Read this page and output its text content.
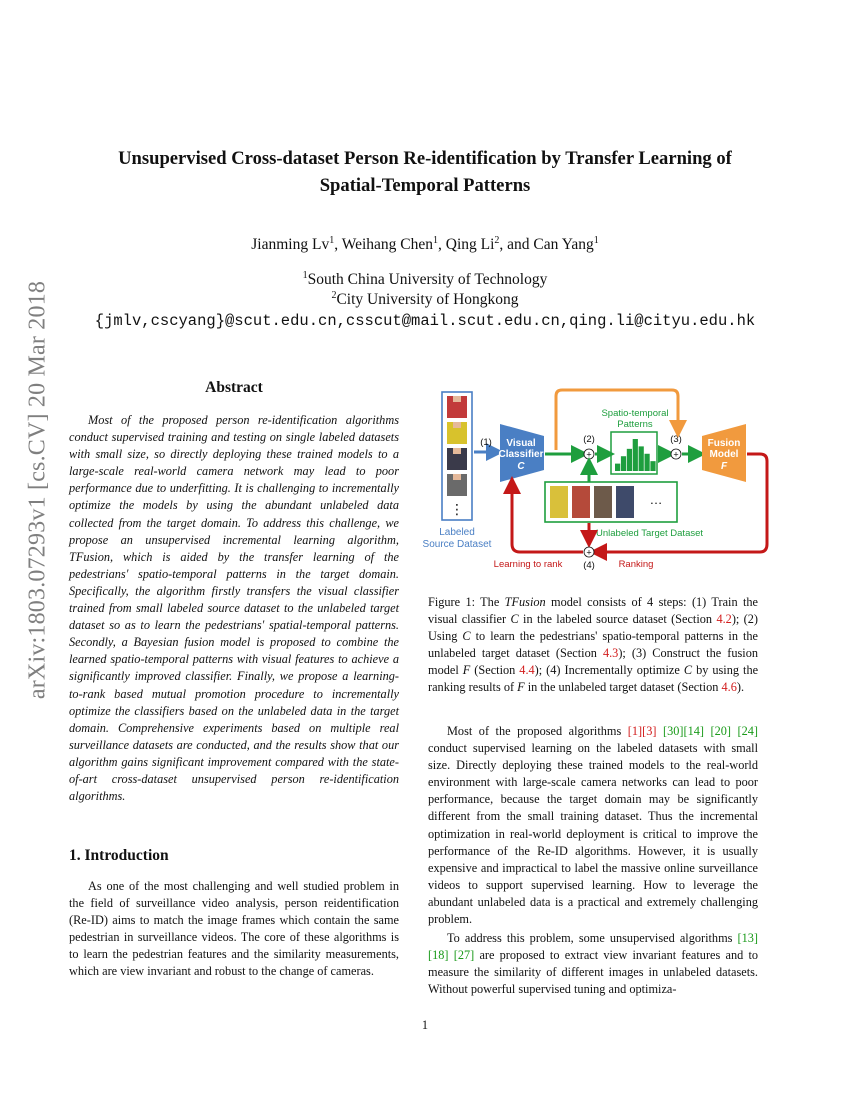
arXiv:1803.07293v1 [cs.CV] 20 Mar 2018
Unsupervised Cross-dataset Person Re-identification by Transfer Learning of
Spatial-Temporal Patterns
Jianming Lv$^1$, Weihang Chen$^1$, Qing Li$^2$, and Can Yang$^1$
$^1$South China University of Technology
$^2$City University of Hongkong
{jmlv,cscyang}@scut.edu.cn,csscut@mail.scut.edu.cn,qing.li@cityu.edu.hk
Abstract

Most of the proposed person re-identification algorithms conduct supervised training and testing on single labeled datasets with small size, so directly deploying these trained models to a large-scale real-world camera network may lead to poor performance due to underfitting. It is challenging to incrementally optimize the models by using the abundant unlabeled data collected from the target domain. To address this challenge, we propose an unsupervised incremental learning algorithm, TFusion, which is aided by the transfer learning of the pedestrians' spatio-temporal patterns in the target domain. Specifically, the algorithm firstly transfers the visual classifier trained from small labeled source dataset to the unlabeled target dataset so as to learn the pedestrians' spatial-temporal patterns. Secondly, a Bayesian fusion model is proposed to combine the learned spatio-temporal patterns with visual features to achieve a significantly improved classifier. Finally, we propose a learning-to-rank based mutual promotion procedure to incrementally optimize the classifiers based on the unlabeled data in the target domain. Comprehensive experiments based on multiple real surveillance datasets are conducted, and the results show that our algorithm gains significant improvement compared with the state-of-art cross-dataset unsupervised person re-identification algorithms.

1. Introduction

As one of the most challenging and well studied problem in the field of surveillance video analysis, person reidentification (Re-ID) aims to match the image frames which contain the same pedestrian in surveillance videos. The core of these algorithms is to learn the pedestrian features and the similarity measurements, which are view invariant and robust to the change of cameras.

⋮
Labeled
Source Dataset
(1) Visual
Classifier
C
+
(2)
Spatio-temporal
Patterns
+
(3)	Fusion
Model
F
…
Unlabeled Target Dataset
+
(4)
Learning to rank	Ranking
Figure 1: The TFusion model consists of 4 steps: (1) Train the visual classifier C in the labeled source dataset (Section 4.2); (2) Using C to learn the pedestrians' spatio-temporal patterns in the unlabeled target dataset (Section 4.3); (3) Construct the fusion model F (Section 4.4); (4) Incrementally optimize C by using the ranking results of F in the unlabeled target dataset (Section 4.6).

Most of the proposed algorithms [1][3] [30][14] [20] [24] conduct supervised learning on the labeled datasets with small size. Directly deploying these trained models to the real-world environment with large-scale camera networks can lead to poor performance, because the target domain may be significantly different from the small training dataset. Thus the incremental optimization in real-world deployment is critical to improve the performance of the Re-ID algorithms. However, it is usually expensive and impractical to label the massive online surveillance videos to support supervised learning. How to leverage the abundant unlabeled data is a practical and extremely challenging problem.

To address this problem, some unsupervised algorithms [13] [18] [27] are proposed to extract view invariant features and to measure the similarity of different images in unlabeled datasets. Without powerful supervised tuning and optimiza-

1
